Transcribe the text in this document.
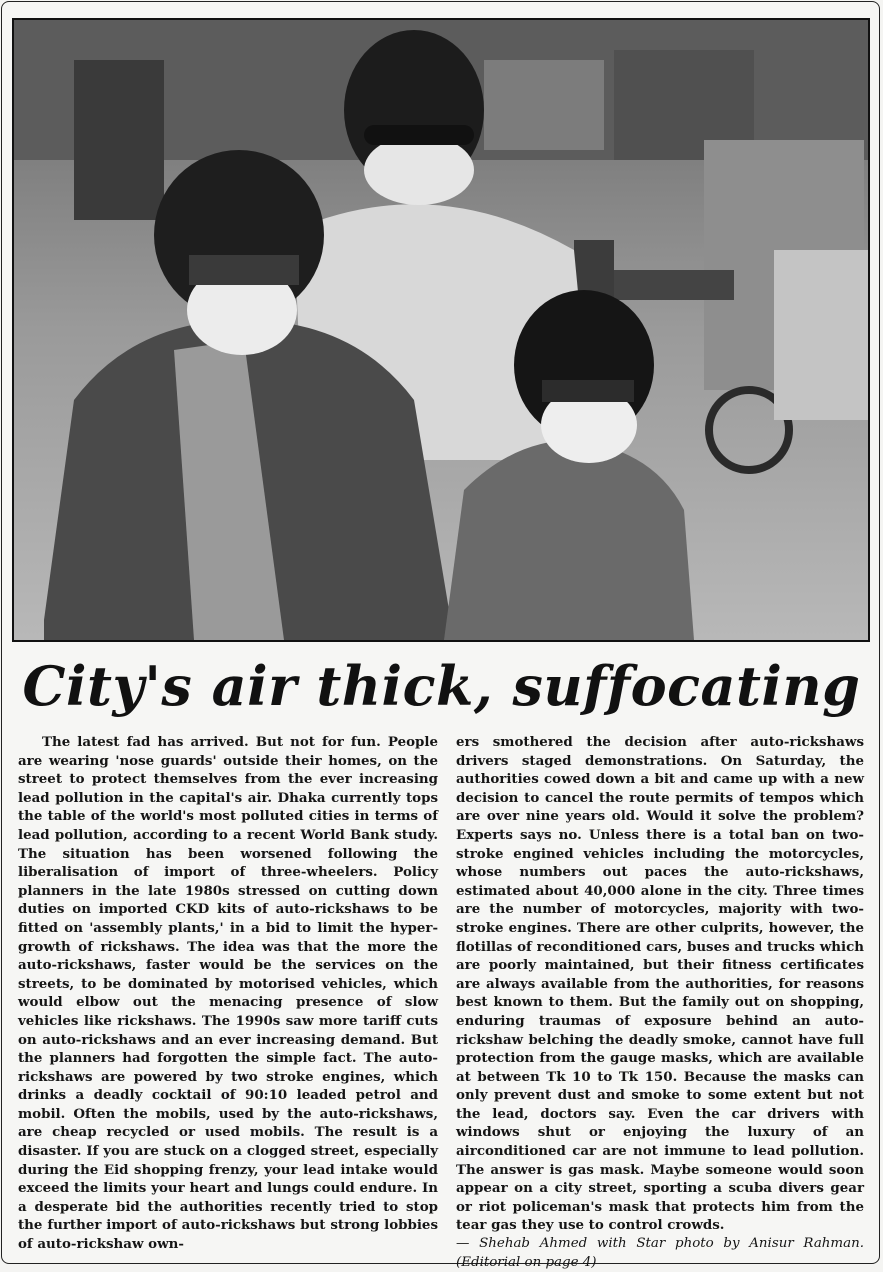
City's air thick, suffocating
The latest fad has arrived. But not for fun. People are wearing 'nose guards' outside their homes, on the street to protect themselves from the ever increasing lead pollution in the capital's air. Dhaka currently tops the table of the world's most polluted cities in terms of lead pollution, according to a recent World Bank study. The situation has been worsened following the liberalisation of import of three-wheelers. Policy planners in the late 1980s stressed on cutting down duties on imported CKD kits of auto-rickshaws to be fitted on 'assembly plants,' in a bid to limit the hyper-growth of rickshaws. The idea was that the more the auto-rickshaws, faster would be the services on the streets, to be dominated by motorised vehicles, which would elbow out the menacing presence of slow vehicles like rickshaws. The 1990s saw more tariff cuts on auto-rickshaws and an ever increasing demand. But the planners had forgotten the simple fact. The auto-rickshaws are powered by two stroke engines, which drinks a deadly cocktail of 90:10 leaded petrol and mobil. Often the mobils, used by the auto-rickshaws, are cheap recycled or used mobils. The result is a disaster. If you are stuck on a clogged street, especially during the Eid shopping frenzy, your lead intake would exceed the limits your heart and lungs could endure. In a desperate bid the authorities recently tried to stop the further import of auto-rickshaws but strong lobbies of auto-rickshaw own-
ers smothered the decision after auto-rickshaws drivers staged demonstrations. On Saturday, the authorities cowed down a bit and came up with a new decision to cancel the route permits of tempos which are over nine years old. Would it solve the problem? Experts says no. Unless there is a total ban on two-stroke engined vehicles including the motorcycles, whose numbers out paces the auto-rickshaws, estimated about 40,000 alone in the city. Three times are the number of motorcycles, majority with two-stroke engines. There are other culprits, however, the flotillas of reconditioned cars, buses and trucks which are poorly maintained, but their fitness certificates are always available from the authorities, for reasons best known to them. But the family out on shopping, enduring traumas of exposure behind an auto-rickshaw belching the deadly smoke, cannot have full protection from the gauge masks, which are available at between Tk 10 to Tk 150. Because the masks can only prevent dust and smoke to some extent but not the lead, doctors say. Even the car drivers with windows shut or enjoying the luxury of an airconditioned car are not immune to lead pollution. The answer is gas mask. Maybe someone would soon appear on a city street, sporting a scuba divers gear or riot policeman's mask that protects him from the tear gas they use to control crowds.
— Shehab Ahmed with Star photo by Anisur Rahman. (Editorial on page 4)
